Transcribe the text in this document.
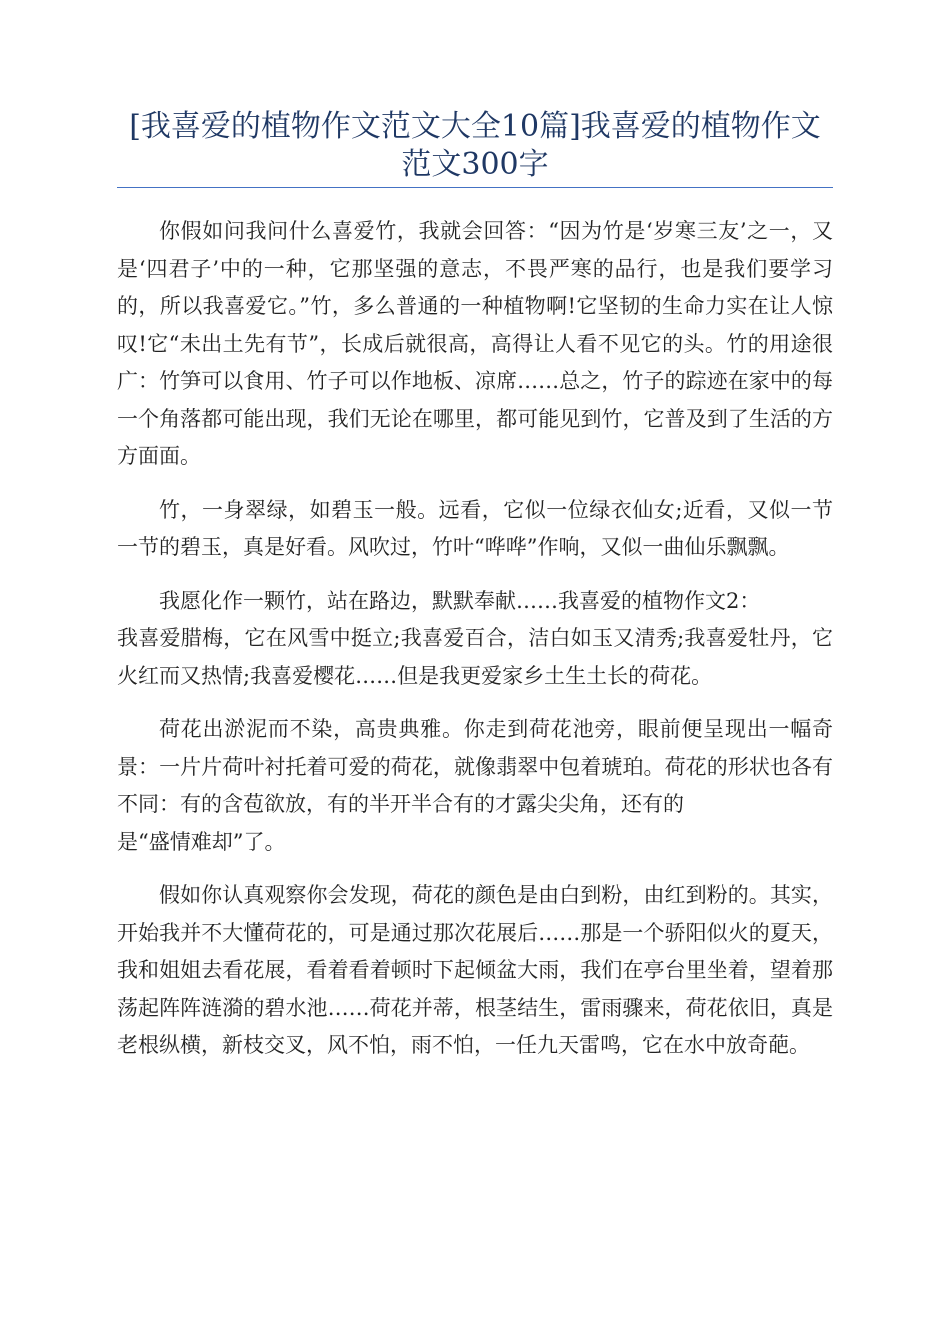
[我喜爱的植物作文范文大全10篇]我喜爱的植物作文范文300字

你假如问我问什么喜爱竹，我就会回答：“因为竹是‘岁寒三友’之一，又是‘四君子’中的一种，它那坚强的意志，不畏严寒的品行，也是我们要学习的，所以我喜爱它。”竹，多么普通的一种植物啊!它坚韧的生命力实在让人惊叹!它“未出土先有节”，长成后就很高，高得让人看不见它的头。竹的用途很广：竹笋可以食用、竹子可以作地板、凉席……总之，竹子的踪迹在家中的每一个角落都可能出现，我们无论在哪里，都可能见到竹，它普及到了生活的方方面面。

竹，一身翠绿，如碧玉一般。远看，它似一位绿衣仙女;近看，又似一节一节的碧玉，真是好看。风吹过，竹叶“哗哗”作响，又似一曲仙乐飘飘。

我愿化作一颗竹，站在路边，默默奉献……我喜爱的植物作文2：
我喜爱腊梅，它在风雪中挺立;我喜爱百合，洁白如玉又清秀;我喜爱牡丹，它火红而又热情;我喜爱樱花……但是我更爱家乡土生土长的荷花。

荷花出淤泥而不染，高贵典雅。你走到荷花池旁，眼前便呈现出一幅奇景：一片片荷叶衬托着可爱的荷花，就像翡翠中包着琥珀。荷花的形状也各有不同：有的含苞欲放，有的半开半合有的才露尖尖角，还有的
是“盛情难却”了。

假如你认真观察你会发现，荷花的颜色是由白到粉，由红到粉的。其实，开始我并不大懂荷花的，可是通过那次花展后……那是一个骄阳似火的夏天，我和姐姐去看花展，看着看着顿时下起倾盆大雨，我们在亭台里坐着，望着那荡起阵阵涟漪的碧水池……荷花并蒂，根茎结生，雷雨骤来，荷花依旧，真是老根纵横，新枝交叉，风不怕，雨不怕，一任九天雷鸣，它在水中放奇葩。
